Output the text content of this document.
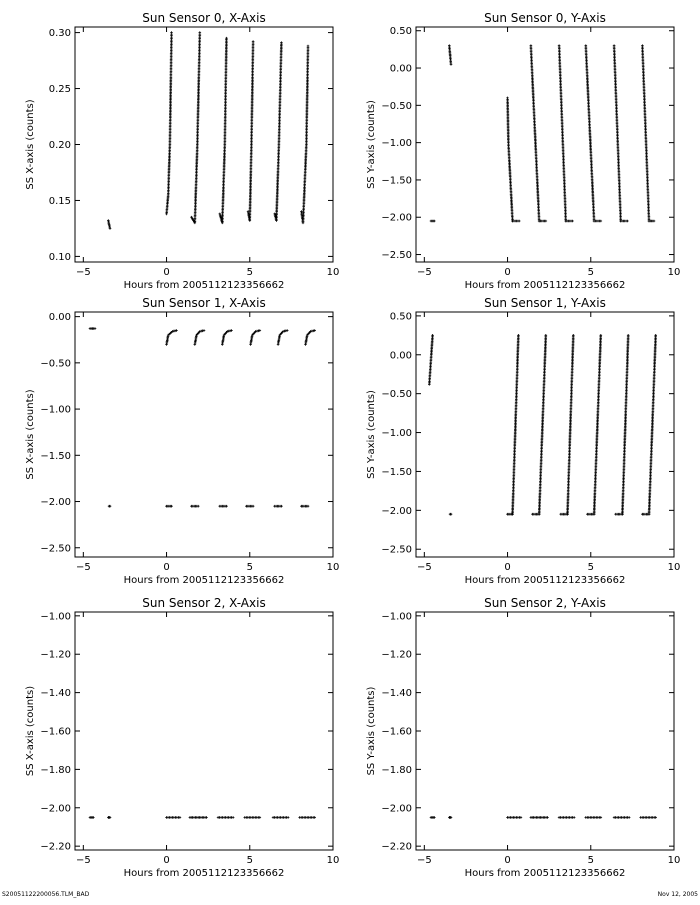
Sun Sensor 0, X-Axis
−5	0	5	10
Hours from 2005112123356662
0.10
0.15
0.20
0.25
0.30
SS X-axis (counts)
Sun Sensor 0, Y-Axis
−5	0	5	10
Hours from 2005112123356662
−2.50
−2.00
−1.50
−1.00
−0.50
0.00
0.50
SS Y-axis (counts)
Sun Sensor 1, X-Axis
−5	0	5	10
Hours from 2005112123356662
−2.50
−2.00
−1.50
−1.00
−0.50
0.00
SS X-axis (counts)
Sun Sensor 1, Y-Axis
−5	0	5	10
Hours from 2005112123356662
−2.50
−2.00
−1.50
−1.00
−0.50
0.00
0.50
SS Y-axis (counts)
Sun Sensor 2, X-Axis
−5	0	5	10
Hours from 2005112123356662
−2.20
−2.00
−1.80
−1.60
−1.40
−1.20
−1.00
SS X-axis (counts)
Sun Sensor 2, Y-Axis
−5	0	5	10
Hours from 2005112123356662
−2.20
−2.00
−1.80
−1.60
−1.40
−1.20
−1.00
SS Y-axis (counts)
S20051122200056.TLM_BAD	Nov 12, 2005
